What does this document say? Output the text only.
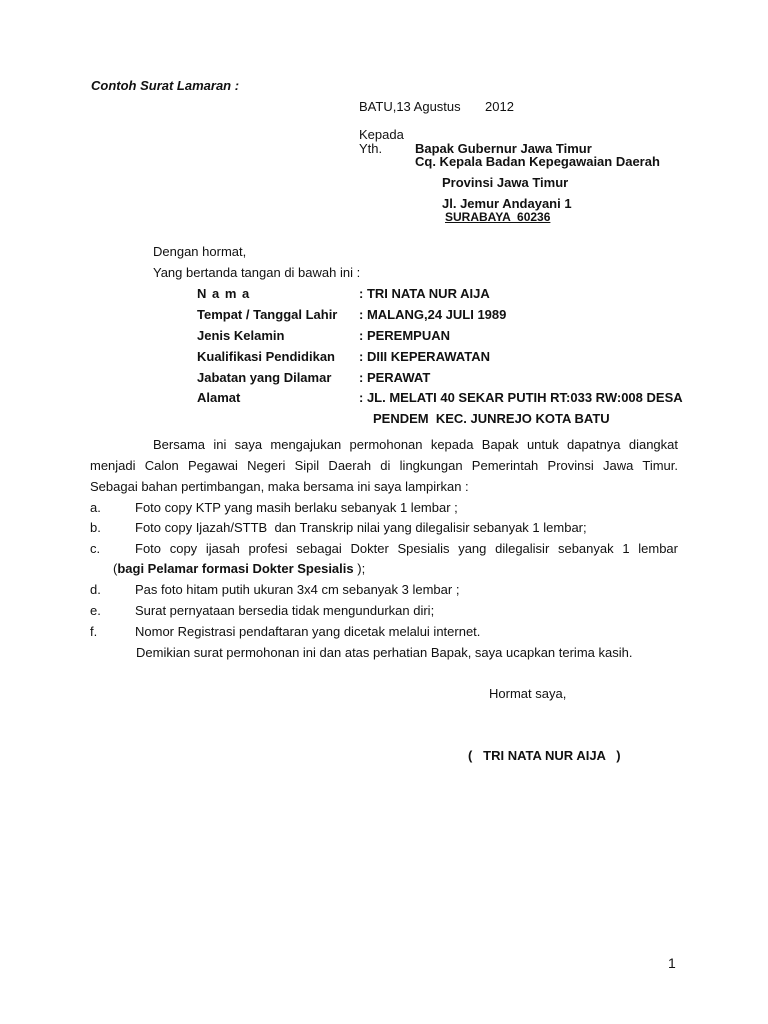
Contoh Surat Lamaran :
BATU,13 Agustus 2012
Kepada
Yth.	Bapak Gubernur Jawa Timur
Cq. Kepala Badan Kepegawaian Daerah
Provinsi Jawa Timur
Jl. Jemur Andayani 1
SURABAYA  60236
Dengan hormat,
Yang bertanda tangan di bawah ini :
N a m a	: TRI NATA NUR AIJA
Tempat / Tanggal Lahir : MALANG,24 JULI 1989
Jenis Kelamin	: PEREMPUAN
Kualifikasi Pendidikan : DIII KEPERAWATAN
Jabatan yang Dilamar : PERAWAT
Alamat	: JL. MELATI 40 SEKAR PUTIH RT:033 RW:008 DESA
PENDEM  KEC. JUNREJO KOTA BATU
Bersama ini saya mengajukan permohonan kepada Bapak untuk dapatnya diangkat
menjadi Calon Pegawai Negeri Sipil Daerah di lingkungan Pemerintah Provinsi Jawa Timur.
Sebagai bahan pertimbangan, maka bersama ini saya lampirkan :
a.	Foto copy KTP yang masih berlaku sebanyak 1 lembar ;
b.	Foto copy Ijazah/STTB  dan Transkrip nilai yang dilegalisir sebanyak 1 lembar;
c.	Foto copy ijasah profesi sebagai Dokter Spesialis yang dilegalisir sebanyak 1 lembar
(bagi Pelamar formasi Dokter Spesialis );
d.	Pas foto hitam putih ukuran 3x4 cm sebanyak 3 lembar ;
e.	Surat pernyataan bersedia tidak mengundurkan diri;
f.	Nomor Registrasi pendaftaran yang dicetak melalui internet.
Demikian surat permohonan ini dan atas perhatian Bapak, saya ucapkan terima kasih.
Hormat saya,
(   TRI NATA NUR AIJA   )
1
